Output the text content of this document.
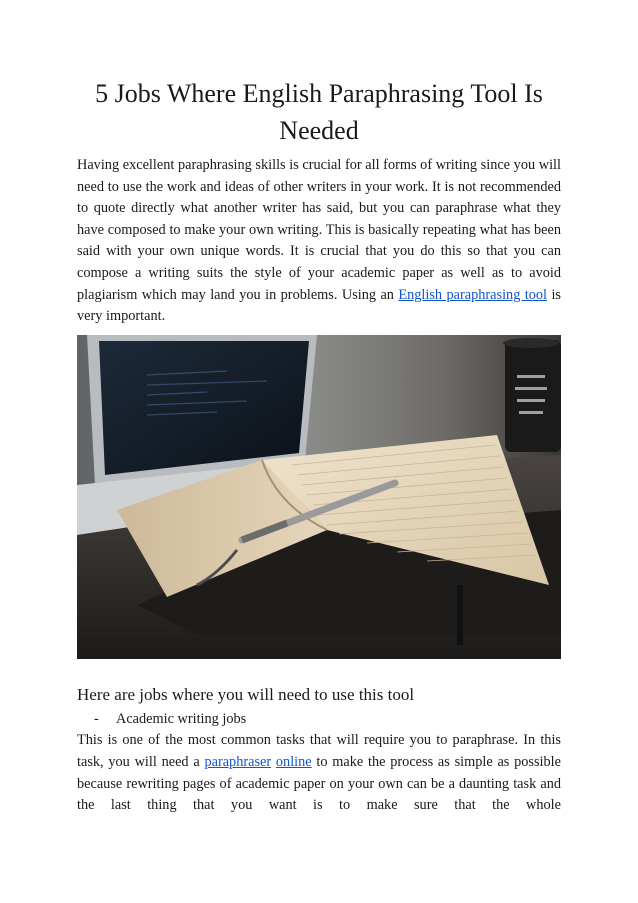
5 Jobs Where English Paraphrasing Tool Is
Needed

Having excellent paraphrasing skills is crucial for all forms of writing since you will need to use the work and ideas of other writers in your work. It is not recommended to quote directly what another writer has said, but you can paraphrase what they have composed to make your own writing. This is basically repeating what has been said with your own unique words. It is crucial that you do this so that you can compose a writing suits the style of your academic paper as well as to avoid plagiarism which may land you in problems. Using an English paraphrasing tool is very important.

Here are jobs where you will need to use this tool
-	Academic writing jobs

This is one of the most common tasks that will require you to paraphrase. In this task, you will need a paraphraser online to make the process as simple as possible because rewriting pages of academic paper on your own can be a daunting task and the last thing that you want is to make sure that the whole
